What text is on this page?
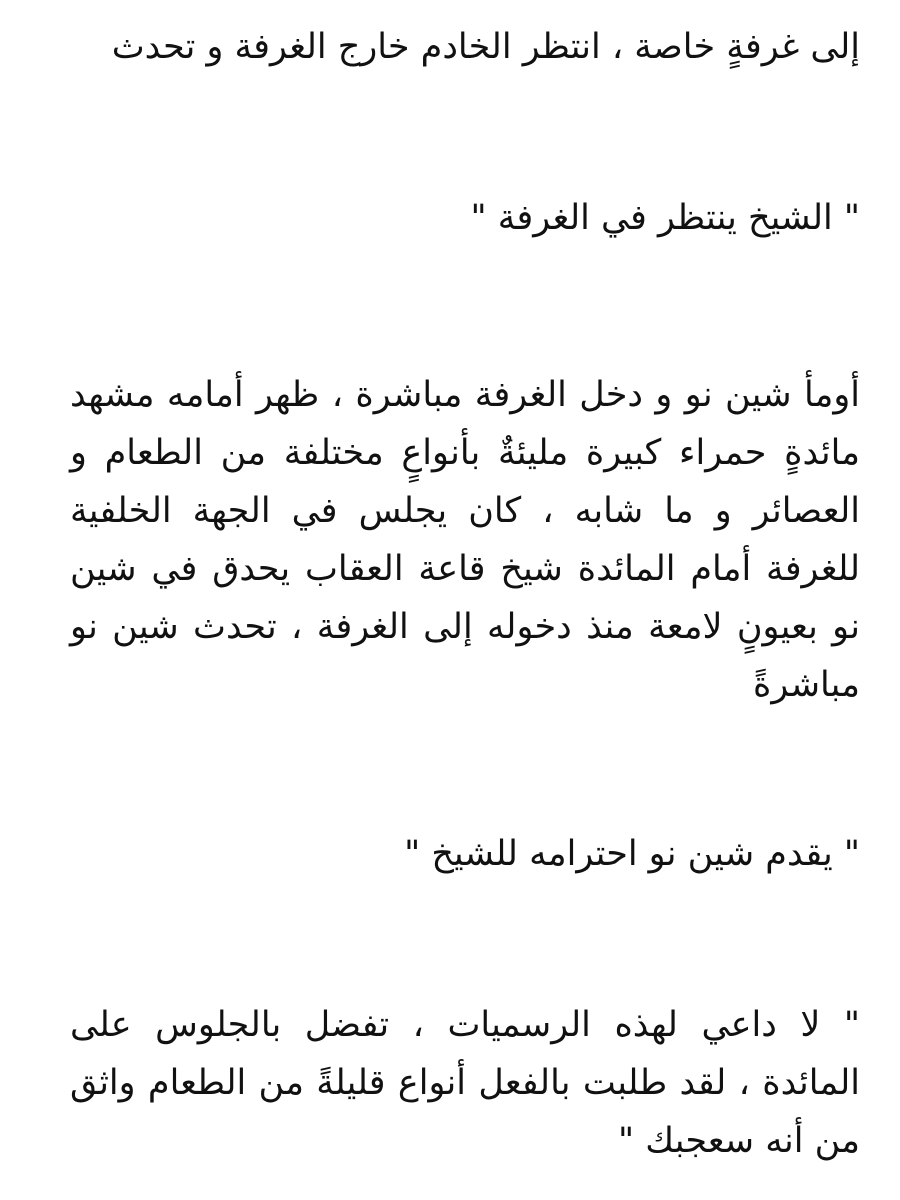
إلى غرفةٍ خاصة ، انتظر الخادم خارج الغرفة و تحدث

" الشيخ ينتظر في الغرفة "

أومأ شين نو و دخل الغرفة مباشرة ، ظهر أمامه مشهد مائدةٍ حمراء كبيرة مليئةٌ بأنواعٍ مختلفة من الطعام و العصائر و ما شابه ، كان يجلس في الجهة الخلفية للغرفة أمام المائدة شيخ قاعة العقاب يحدق في شين نو بعيونٍ لامعة منذ دخوله إلى الغرفة ، تحدث شين نو مباشرةً

" يقدم شين نو احترامه للشيخ "

" لا داعي لهذه الرسميات ، تفضل بالجلوس على المائدة ، لقد طلبت بالفعل أنواع قليلةً من الطعام واثق من أنه سعجبك "
